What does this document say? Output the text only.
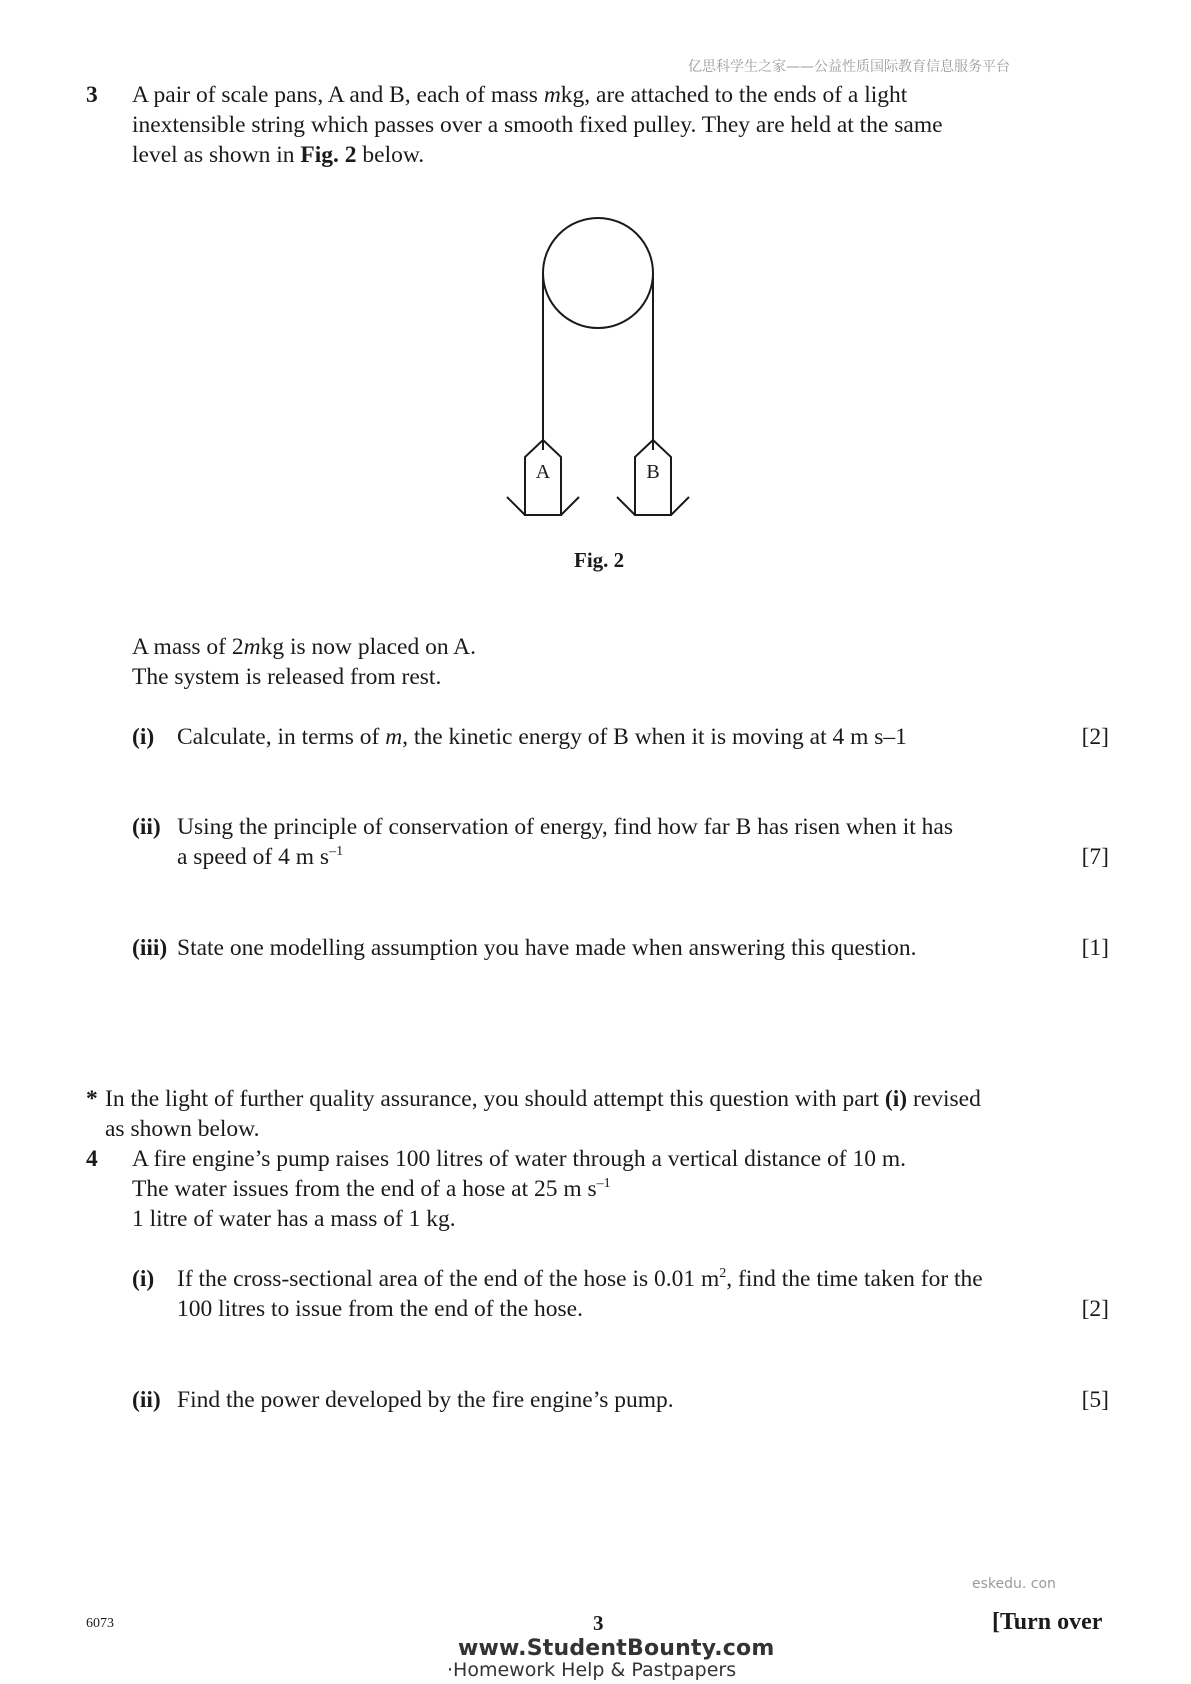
亿思科学生之家——公益性质国际教育信息服务平台
3 A pair of scale pans, A and B, each of mass mkg, are attached to the ends of a light
inextensible string which passes over a smooth fixed pulley. They are held at the same
level as shown in Fig. 2 below.
A	B
Fig. 2
A mass of 2mkg is now placed on A.
The system is released from rest.
(i) Calculate, in terms of m, the kinetic energy of B when it is moving at 4 m s–1	[2]
(ii) Using the principle of conservation of energy, find how far B has risen when it has
a speed of 4 m $s^{-1}$	[7]
(iii) State one modelling assumption you have made when answering this question.	[1]
* In the light of further quality assurance, you should attempt this question with part (i) revised
as shown below.
4 A fire engine’s pump raises 100 litres of water through a vertical distance of 10 m.
The water issues from the end of a hose at 25 m $s^{-1}$
1 litre of water has a mass of 1 kg.
(i) If the cross-sectional area of the end of the hose is 0.01 $m^2$, find the time taken for the
100 litres to issue from the end of the hose.	[2]
(ii) Find the power developed by the fire engine’s pump.	[5]
eskedu. con
6073	3	[Turn over
www.StudentBounty.com
·Homework Help & Pastpapers
